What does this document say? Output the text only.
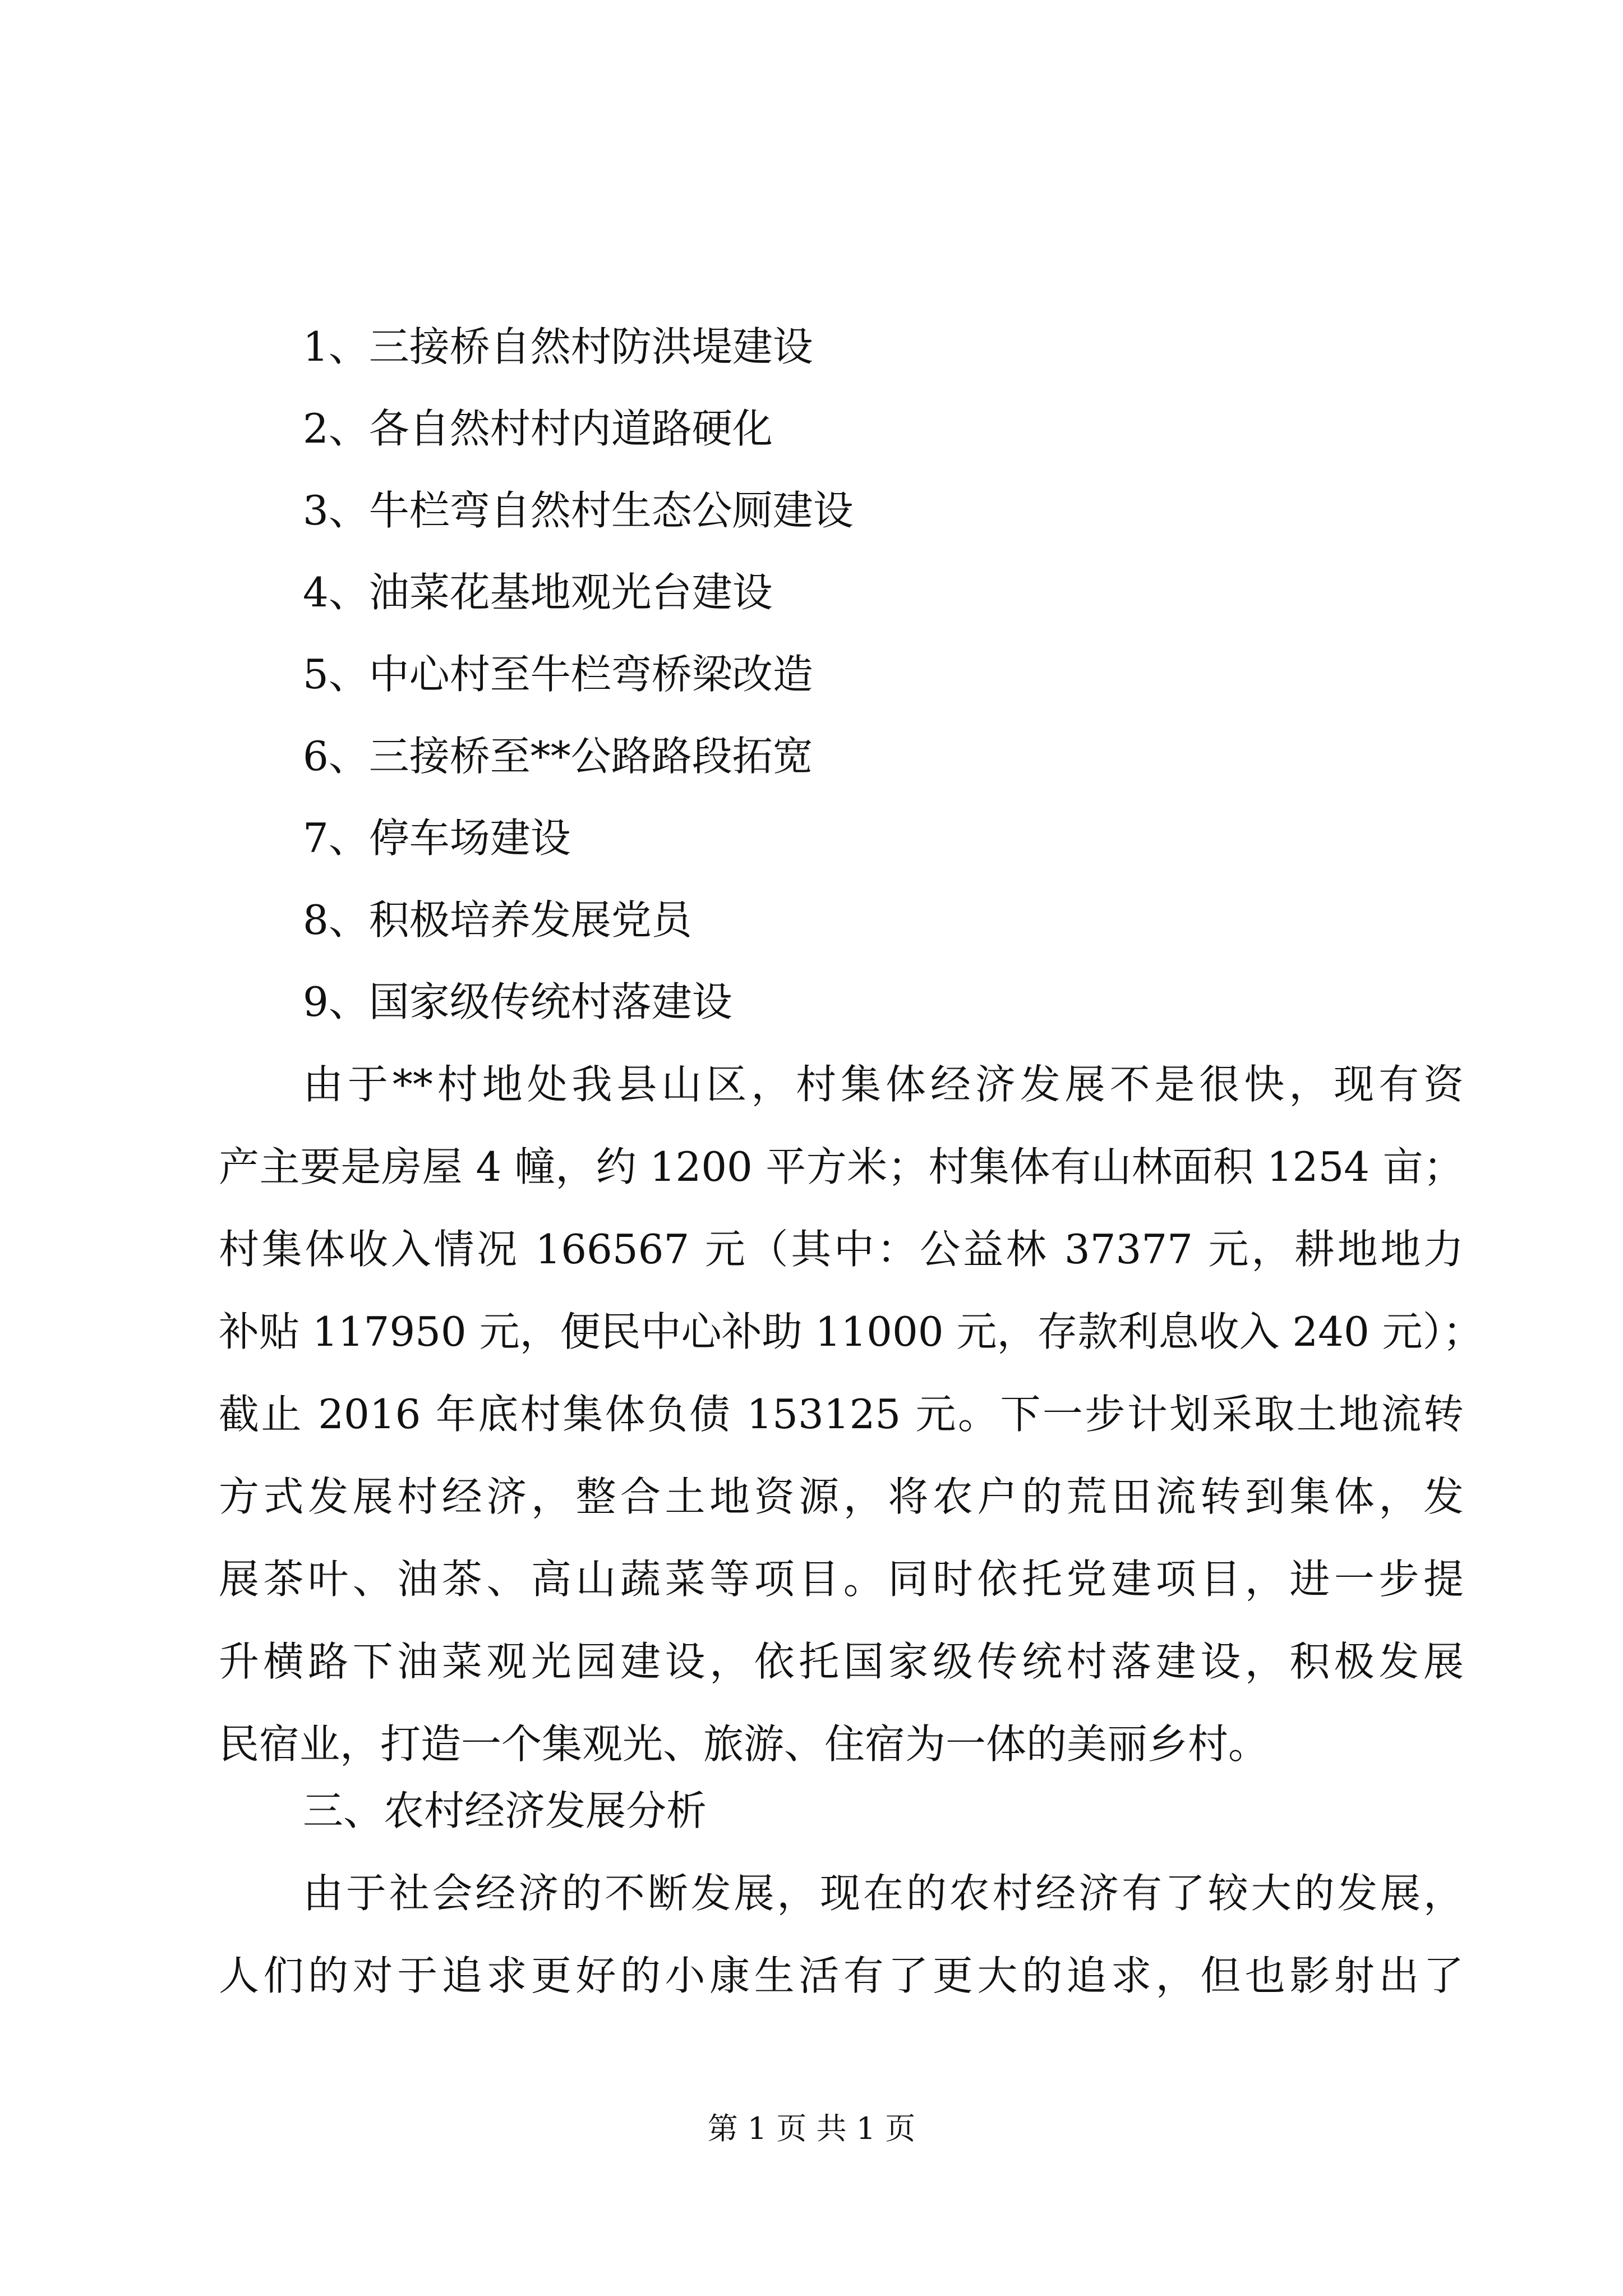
1、三接桥自然村防洪堤建设
2、各自然村村内道路硬化
3、牛栏弯自然村生态公厕建设
4、油菜花基地观光台建设
5、中心村至牛栏弯桥梁改造
6、三接桥至**公路路段拓宽
7、停车场建设
8、积极培养发展党员
9、国家级传统村落建设
由于**村地处我县山区，村集体经济发展不是很快，现有资
产主要是房屋 4 幢，约 1200 平方米；村集体有山林面积 1254 亩；
村集体收入情况 166567 元（其中：公益林 37377 元，耕地地力
补贴 117950 元，便民中心补助 11000 元，存款利息收入 240 元）；
截止 2016 年底村集体负债 153125 元。下一步计划采取土地流转
方式发展村经济，整合土地资源，将农户的荒田流转到集体，发
展茶叶、油茶、高山蔬菜等项目。同时依托党建项目，进一步提
升横路下油菜观光园建设，依托国家级传统村落建设，积极发展
民宿业，打造一个集观光、旅游、住宿为一体的美丽乡村。
三、农村经济发展分析
由于社会经济的不断发展，现在的农村经济有了较大的发展，
人们的对于追求更好的小康生活有了更大的追求，但也影射出了
第 1 页 共 1 页
